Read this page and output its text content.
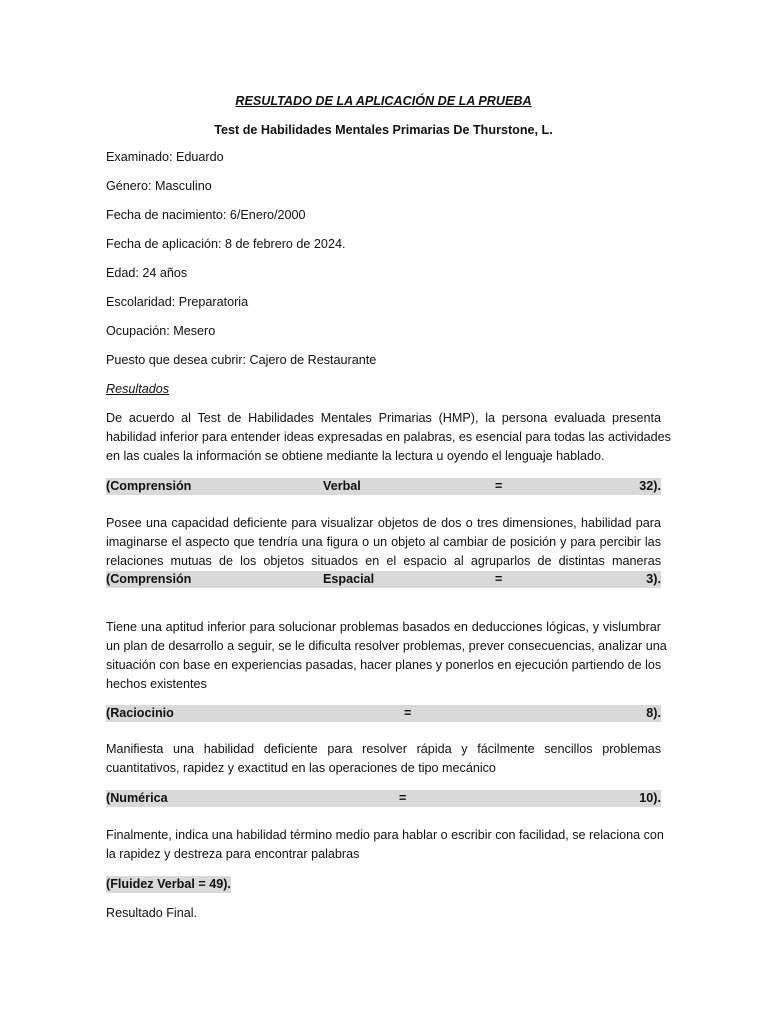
RESULTADO DE LA APLICACIÓN DE LA PRUEBA
Test de Habilidades Mentales Primarias De Thurstone, L.
Examinado: Eduardo
Género: Masculino
Fecha de nacimiento: 6/Enero/2000
Fecha de aplicación: 8 de febrero de 2024.
Edad: 24 años
Escolaridad: Preparatoria
Ocupación: Mesero
Puesto que desea cubrir: Cajero de Restaurante
Resultados
De acuerdo al Test de Habilidades Mentales Primarias (HMP), la persona evaluada presenta
habilidad inferior para entender ideas expresadas en palabras, es esencial para todas las actividades
en las cuales la información se obtiene mediante la lectura u oyendo el lenguaje hablado.
(Comprensión	Verbal	=	32).
Posee una capacidad deficiente para visualizar objetos de dos o tres dimensiones, habilidad para
imaginarse el aspecto que tendría una figura o un objeto al cambiar de posición y para percibir las
relaciones mutuas de los objetos situados en el espacio al agruparlos de distintas maneras
(Comprensión	Espacial	=	3).
Tiene una aptitud inferior para solucionar problemas basados en deducciones lógicas, y vislumbrar
un plan de desarrollo a seguir, se le dificulta resolver problemas, prever consecuencias, analizar una
situación con base en experiencias pasadas, hacer planes y ponerlos en ejecución partiendo de los
hechos existentes
(Raciocinio	=	8).
Manifiesta una habilidad deficiente para resolver rápida y fácilmente sencillos problemas
cuantitativos, rapidez y exactitud en las operaciones de tipo mecánico
(Numérica	=	10).
Finalmente, indica una habilidad término medio para hablar o escribir con facilidad, se relaciona con
la rapidez y destreza para encontrar palabras
(Fluidez Verbal = 49).
Resultado Final.
